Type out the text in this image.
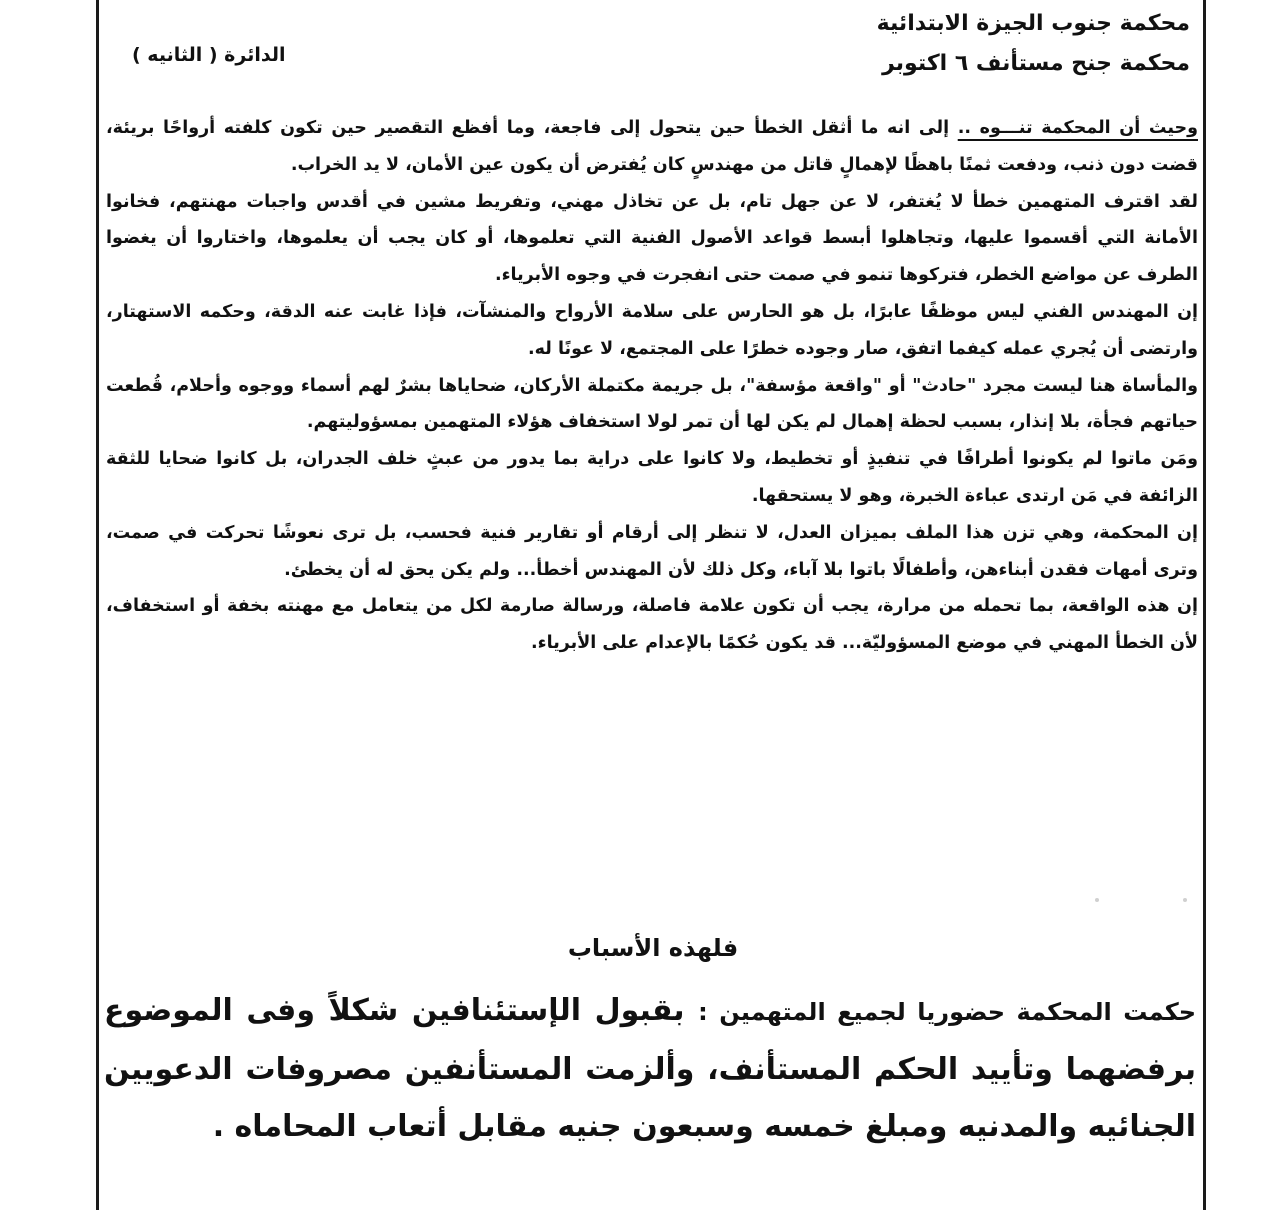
محكمة جنوب الجيزة الابتدائية
محكمة جنح مستأنف ٦ اكتوبر
الدائرة ( الثانيه )

وحيث أن المحكمة تنـــوه .. إلى انه ما أثقل الخطأ حين يتحول إلى فاجعة، وما أفظع التقصير حين تكون كلفته أرواحًا بريئة، قضت دون ذنب، ودفعت ثمنًا باهظًا لإهمالٍ قاتل من مهندسٍ كان يُفترض أن يكون عين الأمان، لا يد الخراب.

لقد اقترف المتهمين خطأ لا يُغتفر، لا عن جهل تام، بل عن تخاذل مهني، وتفريط مشين في أقدس واجبات مهنتهم، فخانوا الأمانة التي أقسموا عليها، وتجاهلوا أبسط قواعد الأصول الفنية التي تعلموها، أو كان يجب أن يعلموها، واختاروا أن يغضوا الطرف عن مواضع الخطر، فتركوها تنمو في صمت حتى انفجرت في وجوه الأبرياء.

إن المهندس الفني ليس موظفًا عابرًا، بل هو الحارس على سلامة الأرواح والمنشآت، فإذا غابت عنه الدقة، وحكمه الاستهتار، وارتضى أن يُجري عمله كيفما اتفق، صار وجوده خطرًا على المجتمع، لا عونًا له.

والمأساة هنا ليست مجرد "حادث" أو "واقعة مؤسفة"، بل جريمة مكتملة الأركان، ضحاياها بشرٌ لهم أسماء ووجوه وأحلام، قُطعت حياتهم فجأة، بلا إنذار، بسبب لحظة إهمال لم يكن لها أن تمر لولا استخفاف هؤلاء المتهمين بمسؤوليتهم.

ومَن ماتوا لم يكونوا أطرافًا في تنفيذٍ أو تخطيط، ولا كانوا على دراية بما يدور من عبثٍ خلف الجدران، بل كانوا ضحايا للثقة الزائفة في مَن ارتدى عباءة الخبرة، وهو لا يستحقها.

إن المحكمة، وهي تزن هذا الملف بميزان العدل، لا تنظر إلى أرقام أو تقارير فنية فحسب، بل ترى نعوشًا تحركت في صمت، وترى أمهات فقدن أبناءهن، وأطفالًا باتوا بلا آباء، وكل ذلك لأن المهندس أخطأ... ولم يكن يحق له أن يخطئ.

إن هذه الواقعة، بما تحمله من مرارة، يجب أن تكون علامة فاصلة، ورسالة صارمة لكل من يتعامل مع مهنته بخفة أو استخفاف، لأن الخطأ المهني في موضع المسؤوليّة... قد يكون حُكمًا بالإعدام على الأبرياء.

فلهذه الأسباب
حكمت المحكمة حضوريا لجميع المتهمين : بقبول الإستئنافين شكلاً وفى الموضوع برفضهما وتأييد الحكم المستأنف، وألزمت المستأنفين مصروفات الدعويين الجنائيه والمدنيه ومبلغ خمسه وسبعون جنيه مقابل أتعاب المحاماه .
